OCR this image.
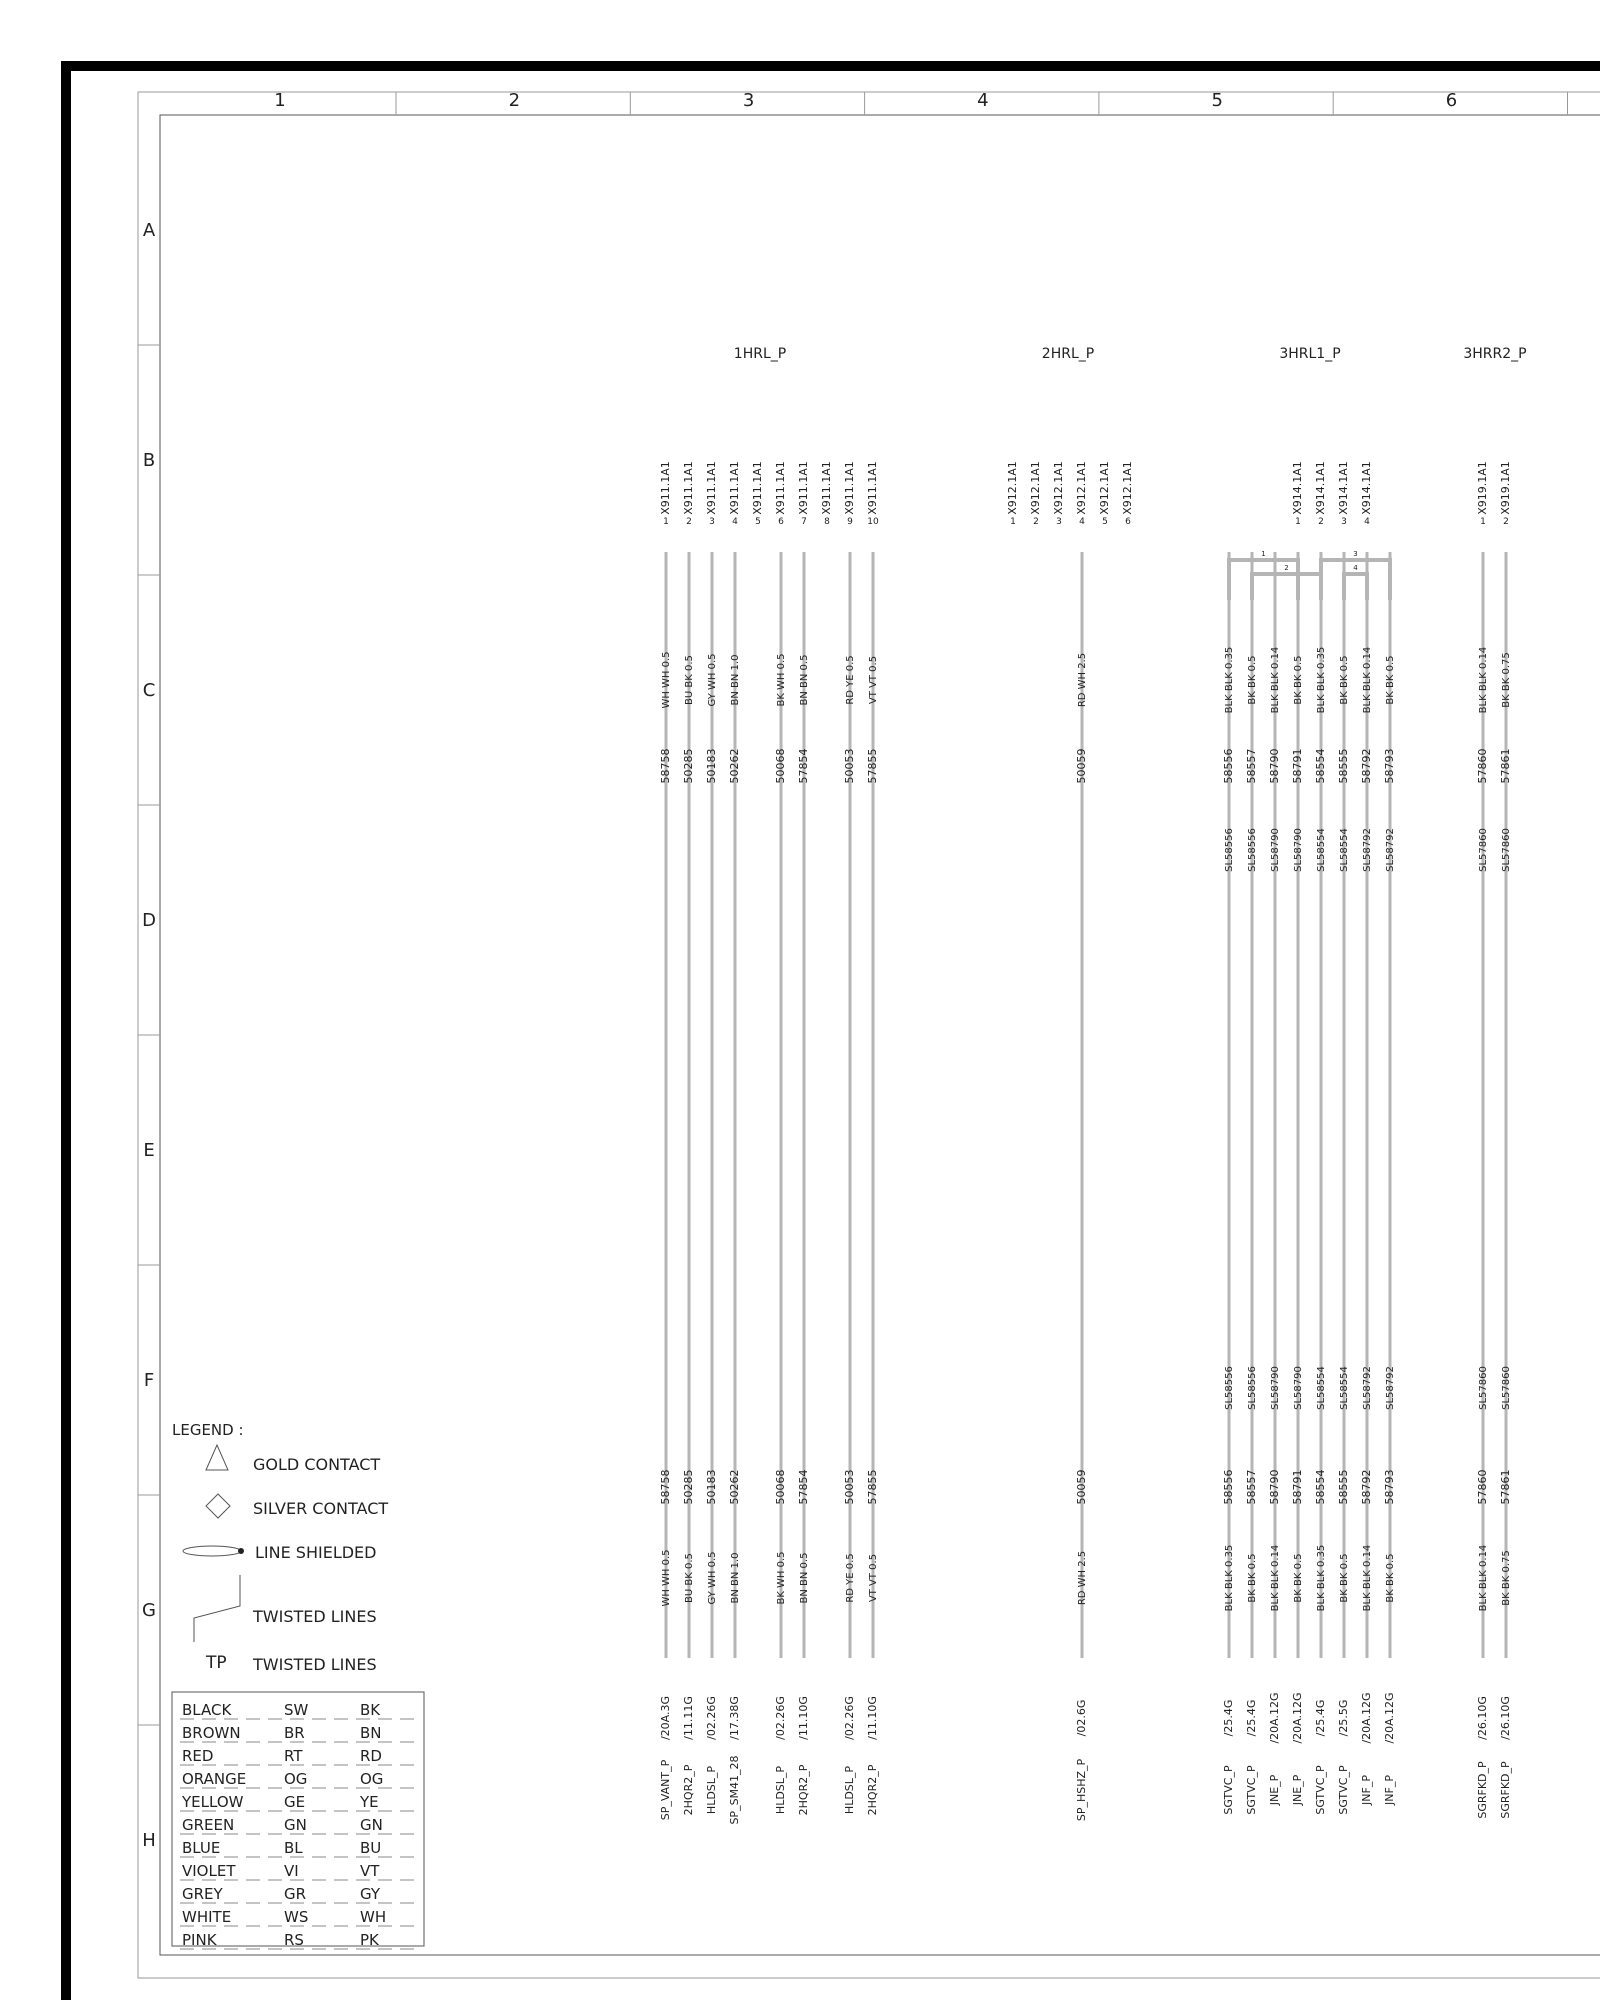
1	2	3	4	5	6
A
B
C
D
E
F
G
H
1HRL_P
X911.1A1
1
WH WH 0.5
58758
58758
WH WH 0.5
/20A.3G
SP_VANT_P
X911.1A1
2
BU BK 0.5
50285
50285
BU BK 0.5
/11.11G
2HQR2_P
X911.1A1
3
GY WH 0.5
50183
50183
GY WH 0.5
/02.26G
HLDSL_P
X911.1A1
4
BN BN 1.0
50262
50262
BN BN 1.0
/17.38G
SP_SM41_28
X911.1A1
5
X911.1A1
6
BK WH 0.5
50068
50068
BK WH 0.5
/02.26G
HLDSL_P
X911.1A1
7
BN BN 0.5
57854
57854
BN BN 0.5
/11.10G
2HQR2_P
X911.1A1
8
X911.1A1
9
RD YE 0.5
50053
50053
RD YE 0.5
/02.26G
HLDSL_P
X911.1A1
10
VT VT 0.5
57855
57855
VT VT 0.5
/11.10G
2HQR2_P
2HRL_P
X912.1A1
1
X912.1A1
2
X912.1A1
3
X912.1A1
4
RD WH 2.5
50059
50059
RD WH 2.5
/02.6G
SP_HSHZ_P
X912.1A1
5
X912.1A1
6
3HRL1_P
BLK BLK 0.35
58556
SL58556
SL58556
58556
BLK BLK 0.35
/25.4G
SGTVC_P
BK BK 0.5
58557
SL58556
SL58556
58557
BK BK 0.5
/25.4G
SGTVC_P
BLK BLK 0.14
58790
SL58790
SL58790
58790
BLK BLK 0.14
/20A.12G
JNE_P
X914.1A1
1
BK BK 0.5
58791
SL58790
SL58790
58791
BK BK 0.5
/20A.12G
JNE_P
X914.1A1
2
BLK BLK 0.35
58554
SL58554
SL58554
58554
BLK BLK 0.35
/25.4G
SGTVC_P
X914.1A1
3
BK BK 0.5
58555
SL58554
SL58554
58555
BK BK 0.5
/25.5G
SGTVC_P
X914.1A1
4
BLK BLK 0.14
58792
SL58792
SL58792
58792
BLK BLK 0.14
/20A.12G
JNF_P
BK BK 0.5
58793
SL58792
SL58792
58793
BK BK 0.5
/20A.12G
JNF_P
1
2
3
4
3HRR2_P
X919.1A1
1
BLK BLK 0.14
57860
SL57860
SL57860
57860
BLK BLK 0.14
/26.10G
SGRFKD_P
X919.1A1
2
BK BK 0.75
57861
SL57860
SL57860
57861
BK BK 0.75
/26.10G
SGRFKD_P
LEGEND :
GOLD CONTACT
SILVER CONTACT
LINE SHIELDED
TWISTED LINES
TWISTED LINES
TP
BLACK	SW	BK
BROWN	BR	BN
RED	RT	RD
ORANGE	OG	OG
YELLOW	GE	YE
GREEN	GN	GN
BLUE	BL	BU
VIOLET	VI	VT
GREY	GR	GY
WHITE	WS	WH
PINK	RS	PK
